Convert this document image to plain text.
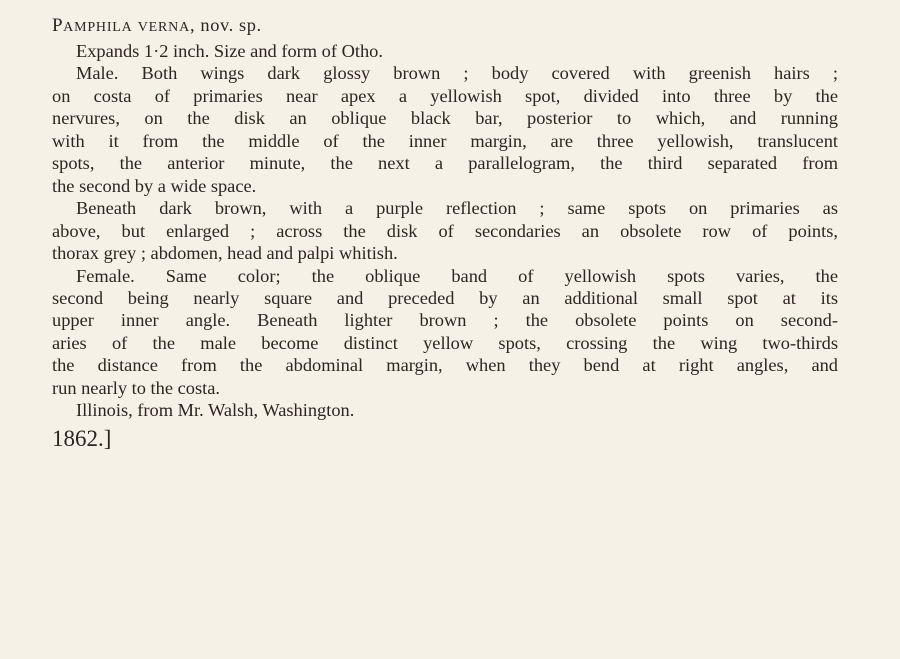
PAMPHILA VERNA, nov. sp.
Expands 1·2 inch. Size and form of Otho.
Male. Both wings dark glossy brown ; body covered with greenish hairs ;
on costa of primaries near apex a yellowish spot, divided into three by the
nervures, on the disk an oblique black bar, posterior to which, and running
with it from the middle of the inner margin, are three yellowish, translucent
spots, the anterior minute, the next a parallelogram, the third separated from
the second by a wide space.
Beneath dark brown, with a purple reflection ; same spots on primaries as
above, but enlarged ; across the disk of secondaries an obsolete row of points,
thorax grey ; abdomen, head and palpi whitish.
Female. Same color; the oblique band of yellowish spots varies, the
second being nearly square and preceded by an additional small spot at its
upper inner angle. Beneath lighter brown ; the obsolete points on second-
aries of the male become distinct yellow spots, crossing the wing two-thirds
the distance from the abdominal margin, when they bend at right angles, and
run nearly to the costa.
Illinois, from Mr. Walsh, Washington.
1862.]
